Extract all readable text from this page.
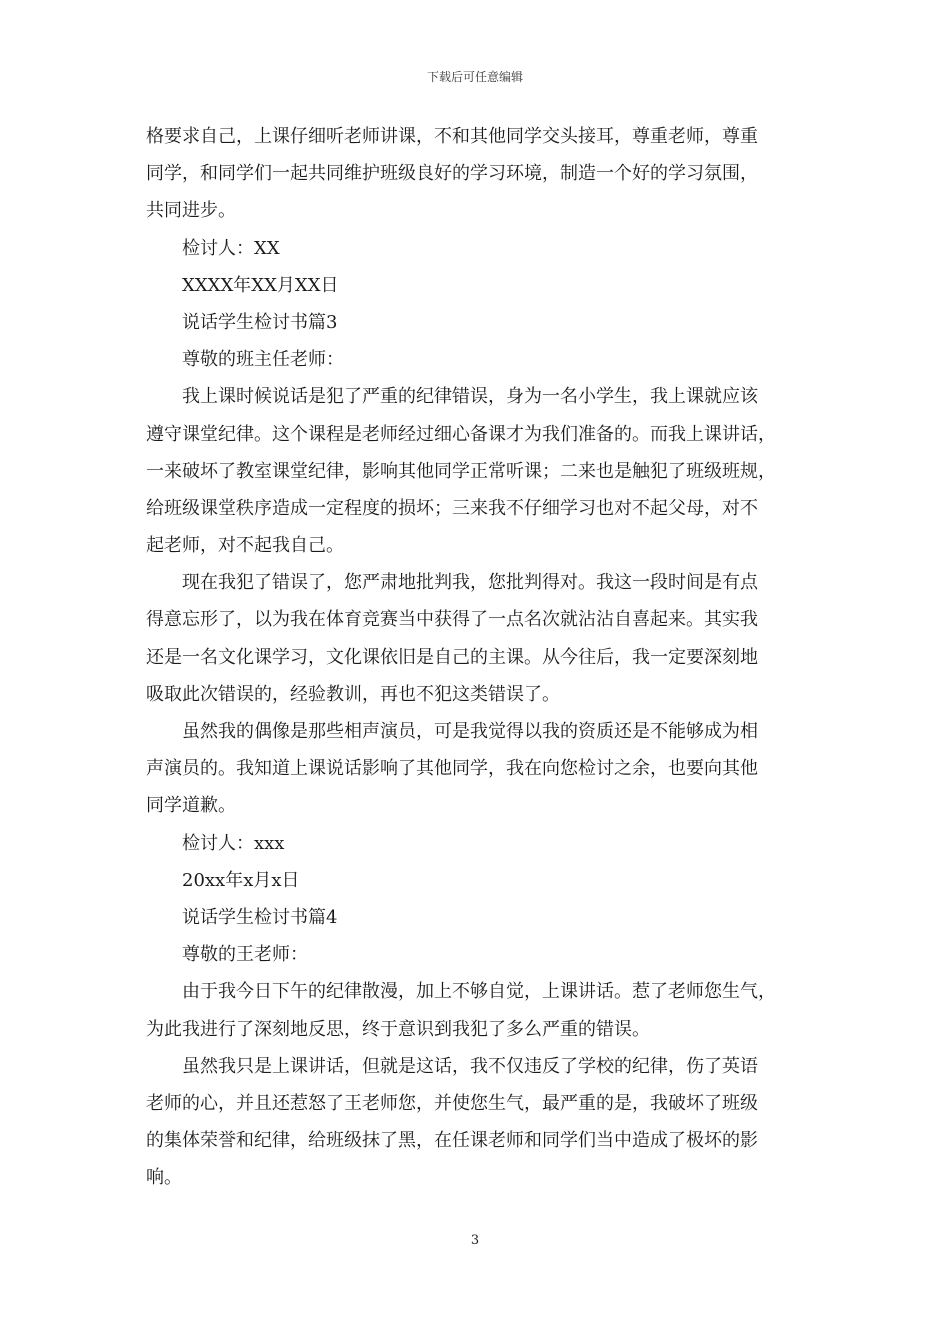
下载后可任意编辑

格要求自己，上课仔细听老师讲课，不和其他同学交头接耳，尊重老师，尊重

同学，和同学们一起共同维护班级良好的学习环境，制造一个好的学习氛围，

共同进步。

检讨人：XX

XXXX年XX月XX日

说话学生检讨书篇3

尊敬的班主任老师：

我上课时候说话是犯了严重的纪律错误，身为一名小学生，我上课就应该

遵守课堂纪律。这个课程是老师经过细心备课才为我们准备的。而我上课讲话，

一来破坏了教室课堂纪律，影响其他同学正常听课；二来也是触犯了班级班规，

给班级课堂秩序造成一定程度的损坏；三来我不仔细学习也对不起父母，对不

起老师，对不起我自己。

现在我犯了错误了，您严肃地批判我，您批判得对。我这一段时间是有点

得意忘形了，以为我在体育竞赛当中获得了一点名次就沾沾自喜起来。其实我

还是一名文化课学习，文化课依旧是自己的主课。从今往后，我一定要深刻地

吸取此次错误的，经验教训，再也不犯这类错误了。

虽然我的偶像是那些相声演员，可是我觉得以我的资质还是不能够成为相

声演员的。我知道上课说话影响了其他同学，我在向您检讨之余，也要向其他

同学道歉。

检讨人：xxx

20xx年x月x日

说话学生检讨书篇4

尊敬的王老师：

由于我今日下午的纪律散漫，加上不够自觉，上课讲话。惹了老师您生气，

为此我进行了深刻地反思，终于意识到我犯了多么严重的错误。

虽然我只是上课讲话，但就是这话，我不仅违反了学校的纪律，伤了英语

老师的心，并且还惹怒了王老师您，并使您生气，最严重的是，我破坏了班级

的集体荣誉和纪律，给班级抹了黑，在任课老师和同学们当中造成了极坏的影

响。

3
